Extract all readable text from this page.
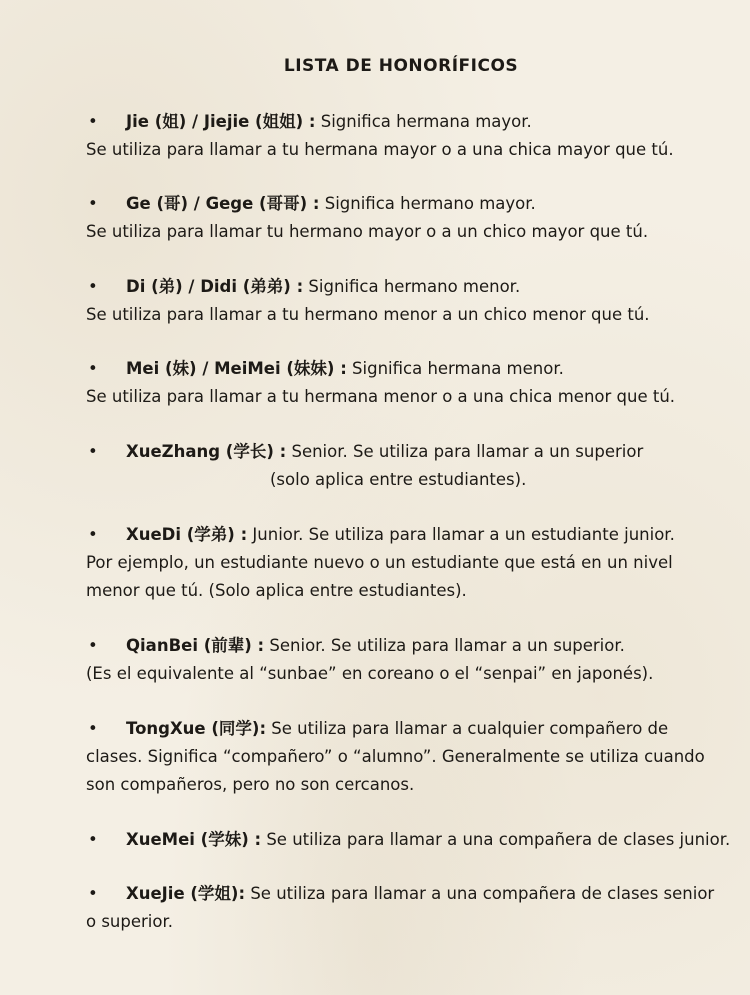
LISTA DE HONORÍFICOS
• Jie (姐) / Jiejie (姐姐) : Significa hermana mayor.
Se utiliza para llamar a tu hermana mayor o a una chica mayor que tú.
• Ge (哥) / Gege (哥哥) : Significa hermano mayor.
Se utiliza para llamar tu hermano mayor o a un chico mayor que tú.
• Di (弟) / Didi (弟弟) : Significa hermano menor.
Se utiliza para llamar a tu hermano menor a un chico menor que tú.
• Mei (妹) / MeiMei (妹妹) : Significa hermana menor.
Se utiliza para llamar a tu hermana menor o a una chica menor que tú.
• XueZhang (学长) : Senior. Se utiliza para llamar a un superior
(solo aplica entre estudiantes).
• XueDi (学弟) : Junior. Se utiliza para llamar a un estudiante junior.
Por ejemplo, un estudiante nuevo o un estudiante que está en un nivel
menor que tú. (Solo aplica entre estudiantes).
• QianBei (前辈) : Senior. Se utiliza para llamar a un superior.
(Es el equivalente al “sunbae” en coreano o el “senpai” en japonés).
• TongXue (同学): Se utiliza para llamar a cualquier compañero de
clases. Significa “compañero” o “alumno”. Generalmente se utiliza cuando
son compañeros, pero no son cercanos.
• XueMei (学妹) : Se utiliza para llamar a una compañera de clases junior.
• XueJie (学姐): Se utiliza para llamar a una compañera de clases senior
o superior.
